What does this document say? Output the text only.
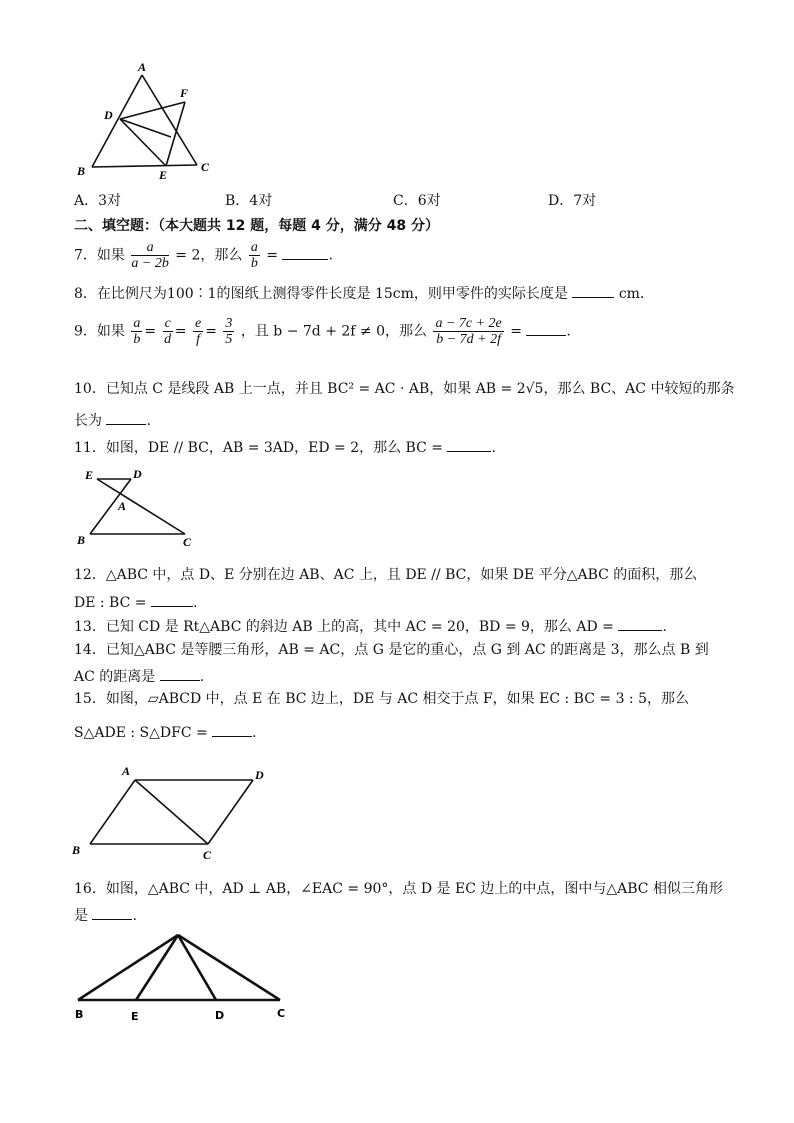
A
F
D
B	E
C
A．3对	B．4对	C．6对	D．7对
二、填空题：（本大题共 12 题，每题 4 分，满分 48 分）
7．如果 $\frac{a}{a - 2b} = 2$，那么 $\frac{a}{b}$ =	.
8．在比例尺为100∶1的图纸上测得零件长度是 15cm，则甲零件的实际长度是	cm．
9．如果 $\frac{a}{b} = \frac{c}{d} = \frac{e}{f} = \frac{3}{5}$ ，且 b − 7d + 2f ≠ 0，那么 $\frac{a - 7c + 2e}{b - 7d + 2f}$ =	.
10．已知点 C 是线段 AB 上一点，并且 BC² = AC · AB，如果 AB = 2√5，那么 BC、AC 中较短的那条
长为	.
11．如图，DE // BC，AB = 3AD，ED = 2，那么 BC =	.
E	D
A
B	C
12．△ABC 中，点 D、E 分别在边 AB、AC 上，且 DE // BC，如果 DE 平分△ABC 的面积，那么
DE : BC =	.
13．已知 CD 是 Rt△ABC 的斜边 AB 上的高，其中 AC = 20，BD = 9，那么 AD =	.
14．已知△ABC 是等腰三角形，AB = AC，点 G 是它的重心，点 G 到 AC 的距离是 3，那么点 B 到
AC 的距离是	.
15．如图，▱ABCD 中，点 E 在 BC 边上，DE 与 AC 相交于点 F，如果 EC : BC = 3 : 5，那么
S△ADE : S△DFC =	.
A	D
B	C
16．如图，△ABC 中，AD ⊥ AB，∠EAC = 90°，点 D 是 EC 边上的中点，图中与△ABC 相似三角形
是	.
B	E	D	C
